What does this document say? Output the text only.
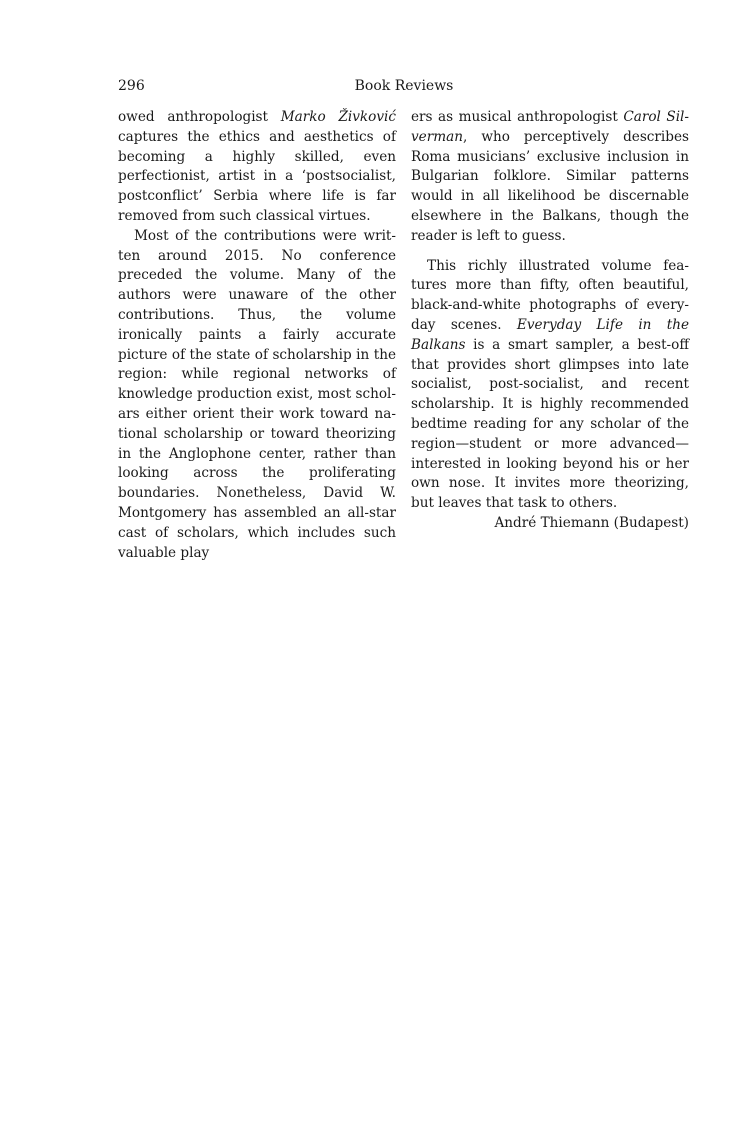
296	Book Reviews

owed anthropologist Marko Živković captures the ethics and aesthetics of becoming a highly skilled, even perfectionist, artist in a ‘postsocialist, postconflict’ Serbia where life is far removed from such classical virtues.

Most of the contributions were written around 2015. No conference preceded the volume. Many of the authors were unaware of the other contributions. Thus, the volume ironically paints a fairly accurate picture of the state of scholarship in the region: while regional networks of knowledge production exist, most scholars either orient their work toward national scholarship or toward theorizing in the Anglophone center, rather than looking across the proliferating boundaries. Nonetheless, David W. Montgomery has assembled an all-star cast of scholars, which includes such valuable play

ers as musical anthropologist Carol Silverman, who perceptively describes Roma musicians’ exclusive inclusion in Bulgarian folklore. Similar patterns would in all likelihood be discernable elsewhere in the Balkans, though the reader is left to guess.

This richly illustrated volume features more than fifty, often beautiful, black-and-white photographs of everyday scenes. Everyday Life in the Balkans is a smart sampler, a best-off that provides short glimpses into late socialist, post-socialist, and recent scholarship. It is highly recommended bedtime reading for any scholar of the region—student or more advanced—interested in looking beyond his or her own nose. It invites more theorizing, but leaves that task to others.

André Thiemann (Budapest)
